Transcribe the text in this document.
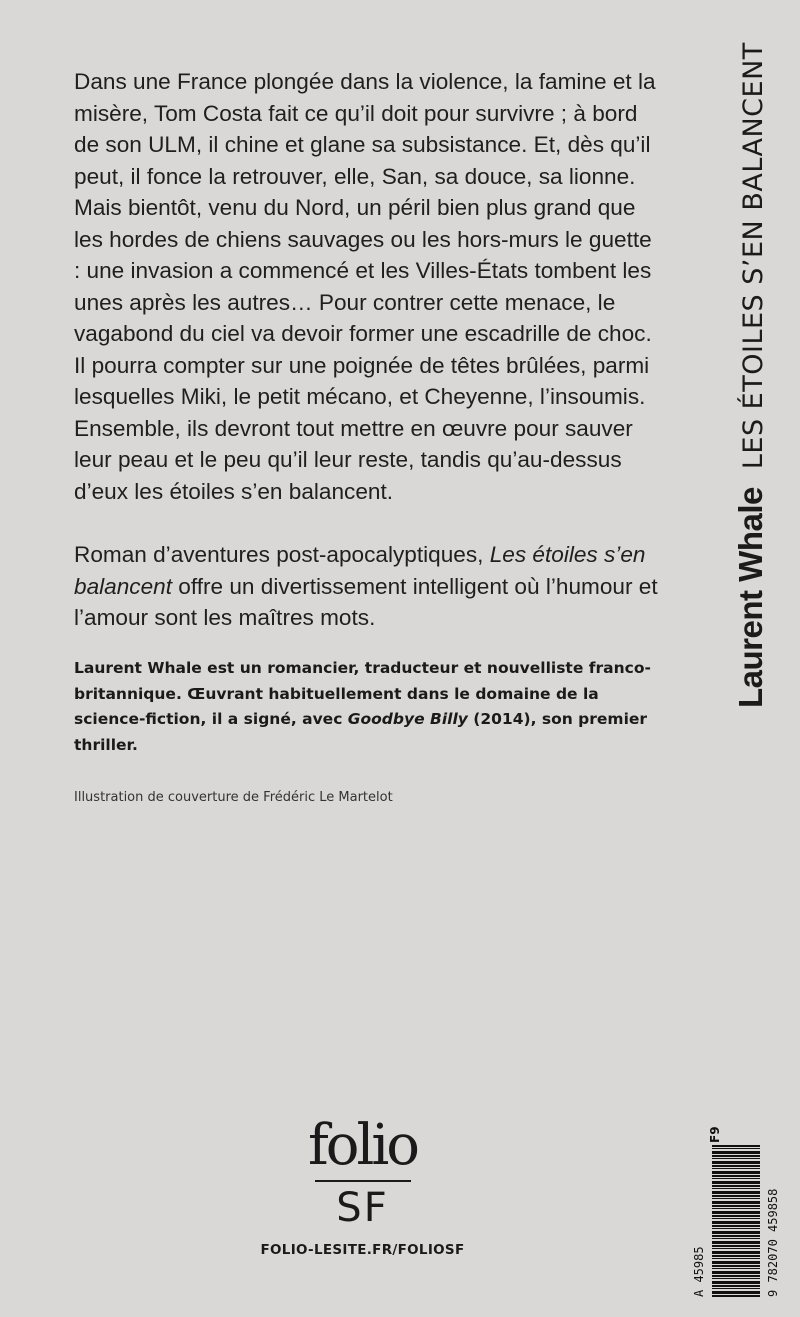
Dans une France plongée dans la violence, la famine et la misère, Tom Costa fait ce qu’il doit pour survivre ; à bord de son ULM, il chine et glane sa subsistance. Et, dès qu’il peut, il fonce la retrouver, elle, San, sa douce, sa lionne. Mais bientôt, venu du Nord, un péril bien plus grand que les hordes de chiens sauvages ou les hors-murs le guette : une invasion a commencé et les Villes-États tombent les unes après les autres… Pour contrer cette menace, le vagabond du ciel va devoir former une escadrille de choc. Il pourra compter sur une poignée de têtes brûlées, parmi lesquelles Miki, le petit mécano, et Cheyenne, l’insoumis. Ensemble, ils devront tout mettre en œuvre pour sauver leur peau et le peu qu’il leur reste, tandis qu’au-dessus d’eux les étoiles s’en balancent.

Roman d’aventures post-apocalyptiques, Les étoiles s’en balancent offre un divertissement intelligent où l’humour et l’amour sont les maîtres mots.

Laurent Whale est un romancier, traducteur et nouvelliste franco-britannique. Œuvrant habituellement dans le domaine de la science-fiction, il a signé, avec Goodbye Billy (2014), son premier thriller.

Illustration de couverture de Frédéric Le Martelot

Laurent WhaleLES ÉTOILES S’EN BALANCENT
folio
SF
FOLIO-LESITE.FR/FOLIOSF	A 45985
F9
9 782070 459858
